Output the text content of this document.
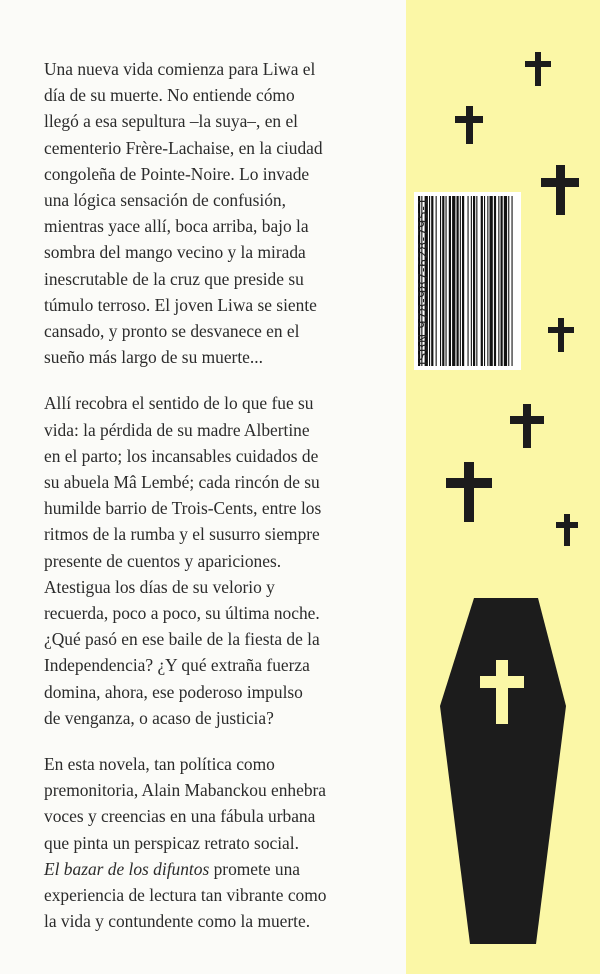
Una nueva vida comienza para Liwa el
día de su muerte. No entiende cómo
llegó a esa sepultura –la suya–, en el
cementerio Frère-Lachaise, en la ciudad
congoleña de Pointe-Noire. Lo invade
una lógica sensación de confusión,
mientras yace allí, boca arriba, bajo la
sombra del mango vecino y la mirada
inescrutable de la cruz que preside su
túmulo terroso. El joven Liwa se siente
cansado, y pronto se desvanece en el
sueño más largo de su muerte...

Allí recobra el sentido de lo que fue su
vida: la pérdida de su madre Albertine
en el parto; los incansables cuidados de
su abuela Mâ Lembé; cada rincón de su
humilde barrio de Trois-Cents, entre los
ritmos de la rumba y el susurro siempre
presente de cuentos y apariciones.
Atestigua los días de su velorio y
recuerda, poco a poco, su última noche.
¿Qué pasó en ese baile de la fiesta de la
Independencia? ¿Y qué extraña fuerza
domina, ahora, ese poderoso impulso
de venganza, o acaso de justicia?

En esta novela, tan política como
premonitoria, Alain Mabanckou enhebra
voces y creencias en una fábula urbana
que pinta un perspicaz retrato social.
El bazar de los difuntos promete una
experiencia de lectura tan vibrante como
la vida y contundente como la muerte.

ISBN 978-987-628-795-1
